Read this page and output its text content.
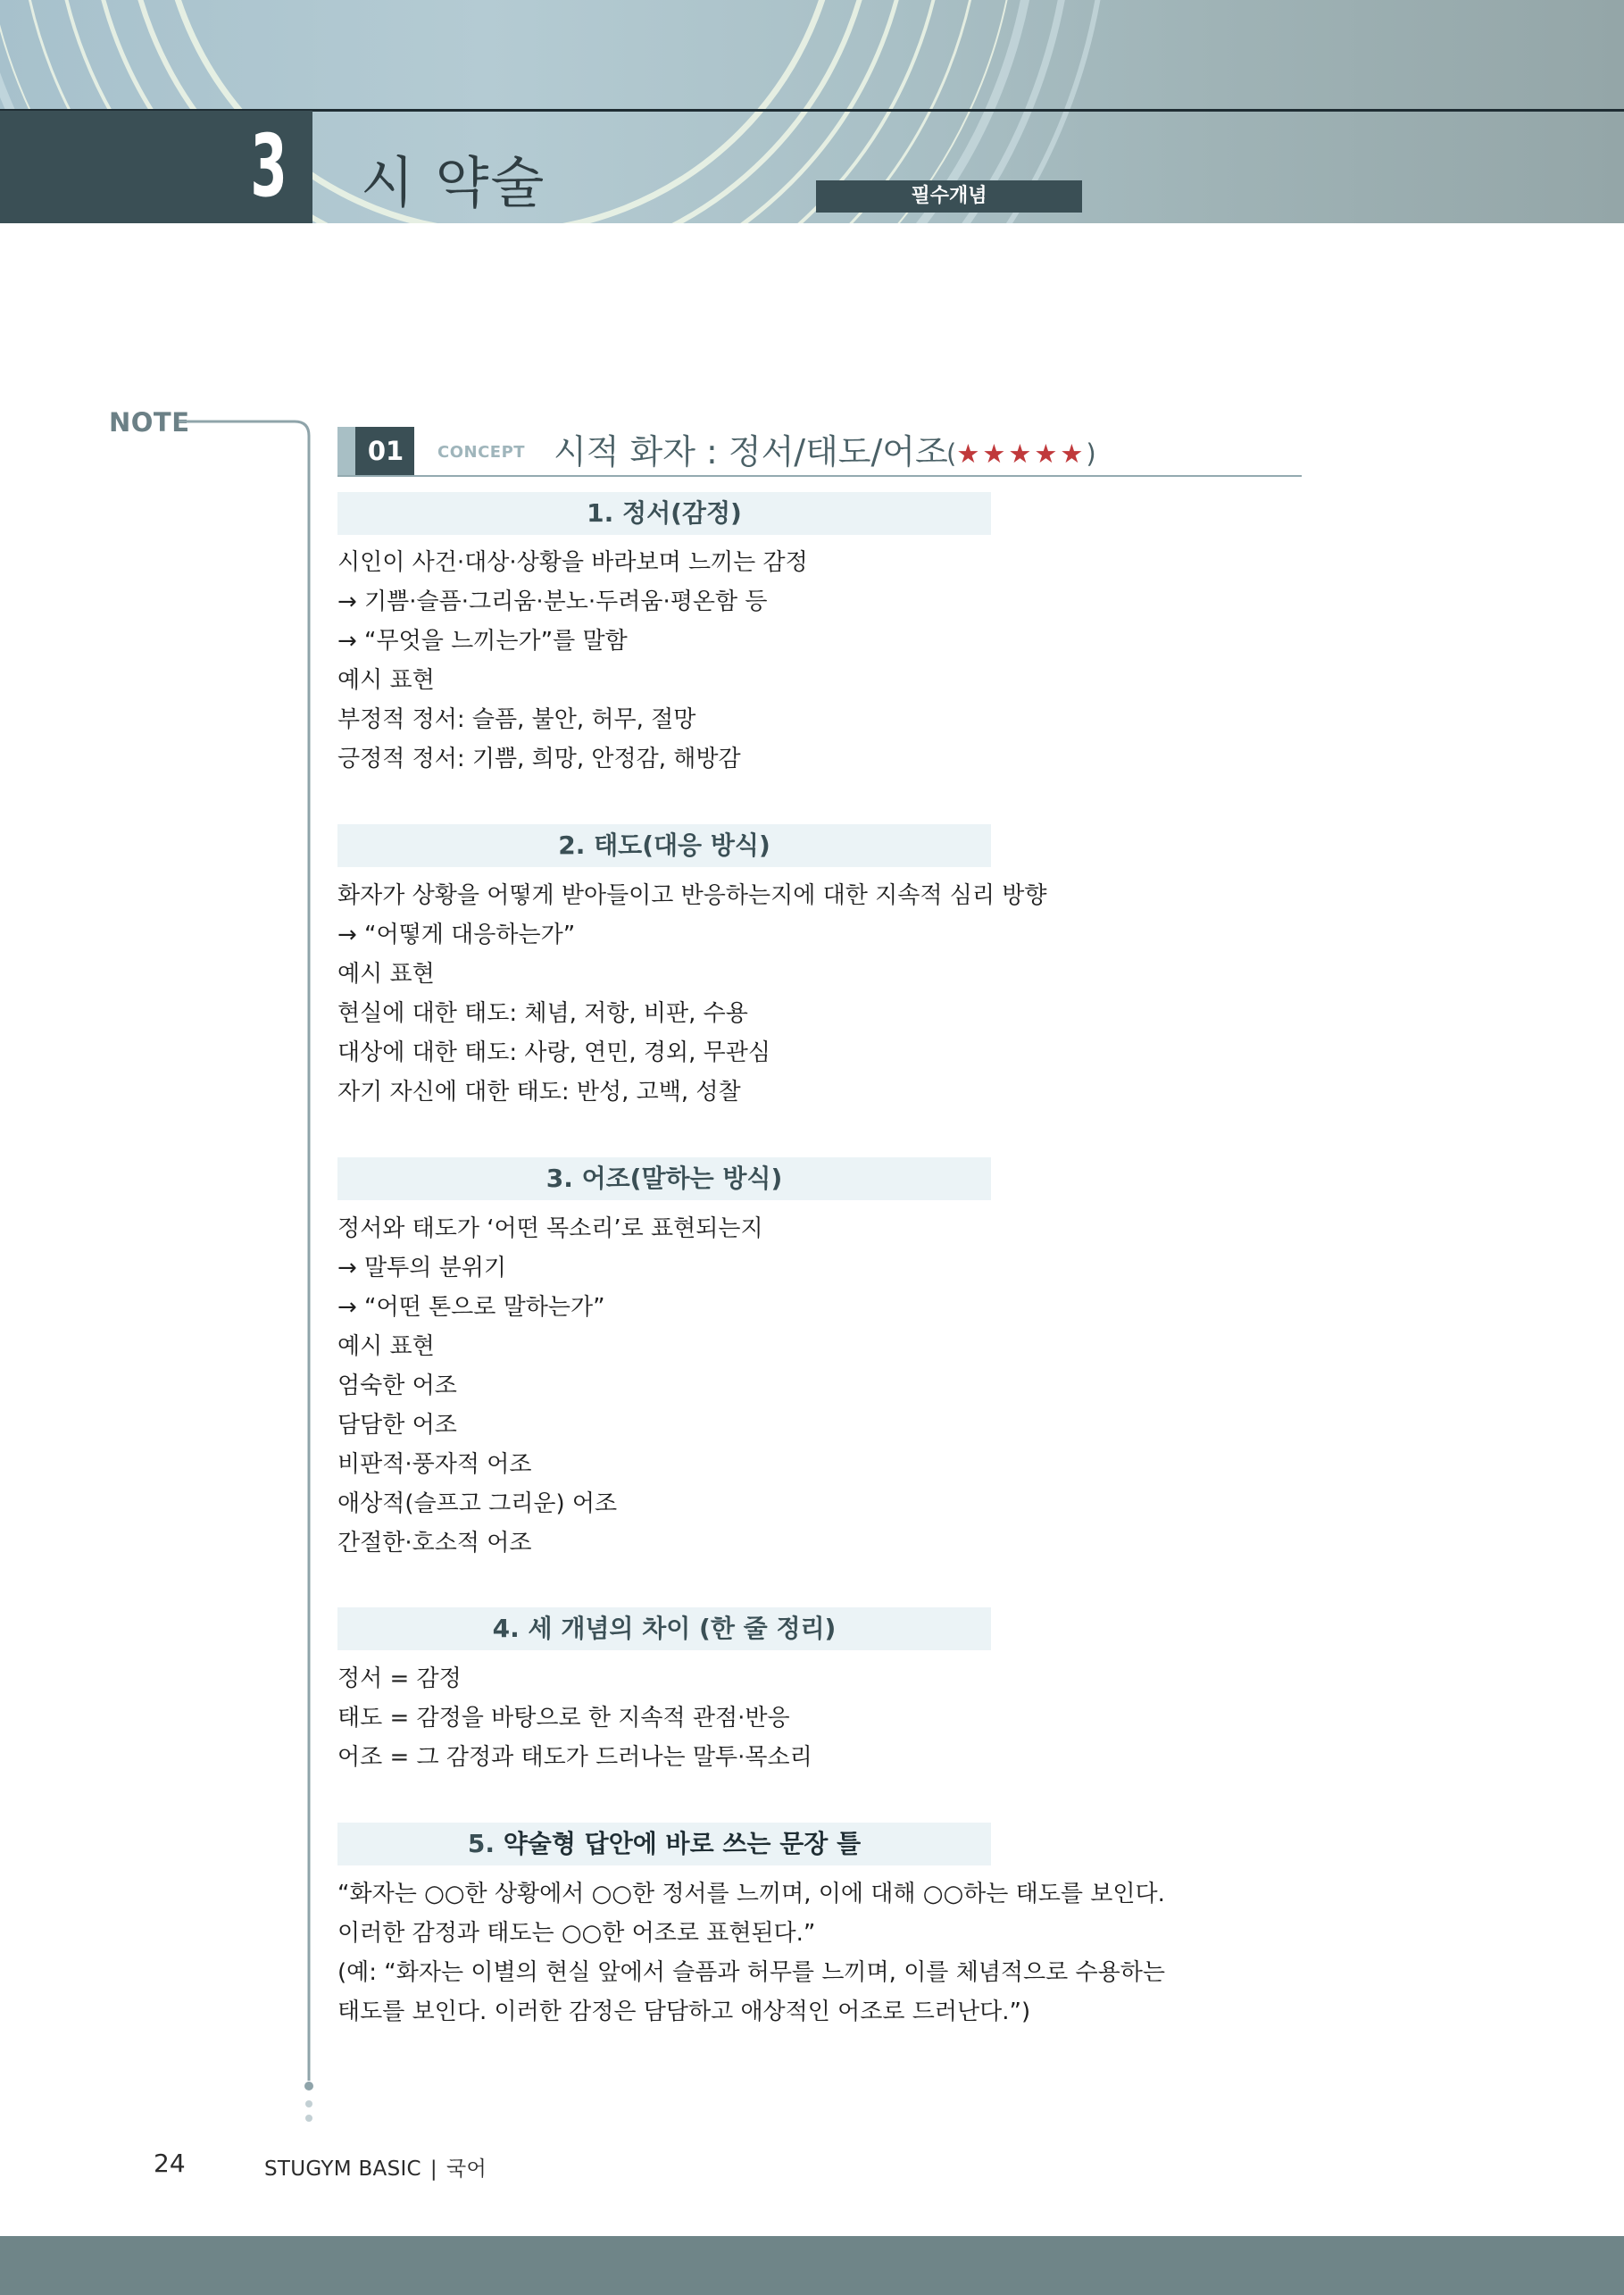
3 시 약술	필수개념
NOTE
01	CONCEPT 시적 화자 : 정서/태도/어조
(★★★★★)
1. 정서(감정)
시인이 사건·대상·상황을 바라보며 느끼는 감정
→ 기쁨·슬픔·그리움·분노·두려움·평온함 등
→ “무엇을 느끼는가”를 말함
예시 표현
부정적 정서: 슬픔, 불안, 허무, 절망
긍정적 정서: 기쁨, 희망, 안정감, 해방감
2. 태도(대응 방식)
화자가 상황을 어떻게 받아들이고 반응하는지에 대한 지속적 심리 방향
→ “어떻게 대응하는가”
예시 표현
현실에 대한 태도: 체념, 저항, 비판, 수용
대상에 대한 태도: 사랑, 연민, 경외, 무관심
자기 자신에 대한 태도: 반성, 고백, 성찰
3. 어조(말하는 방식)
정서와 태도가 ‘어떤 목소리’로 표현되는지
→ 말투의 분위기
→ “어떤 톤으로 말하는가”
예시 표현
엄숙한 어조
담담한 어조
비판적·풍자적 어조
애상적(슬프고 그리운) 어조
간절한·호소적 어조
4. 세 개념의 차이 (한 줄 정리)
정서 = 감정
태도 = 감정을 바탕으로 한 지속적 관점·반응
어조 = 그 감정과 태도가 드러나는 말투·목소리
5. 약술형 답안에 바로 쓰는 문장 틀
“화자는 ○○한 상황에서 ○○한 정서를 느끼며, 이에 대해 ○○하는 태도를 보인다.
이러한 감정과 태도는 ○○한 어조로 표현된다.”
(예: “화자는 이별의 현실 앞에서 슬픔과 허무를 느끼며, 이를 체념적으로 수용하는
태도를 보인다. 이러한 감정은 담담하고 애상적인 어조로 드러난다.”)
24	STUGYM BASIC | 국어
